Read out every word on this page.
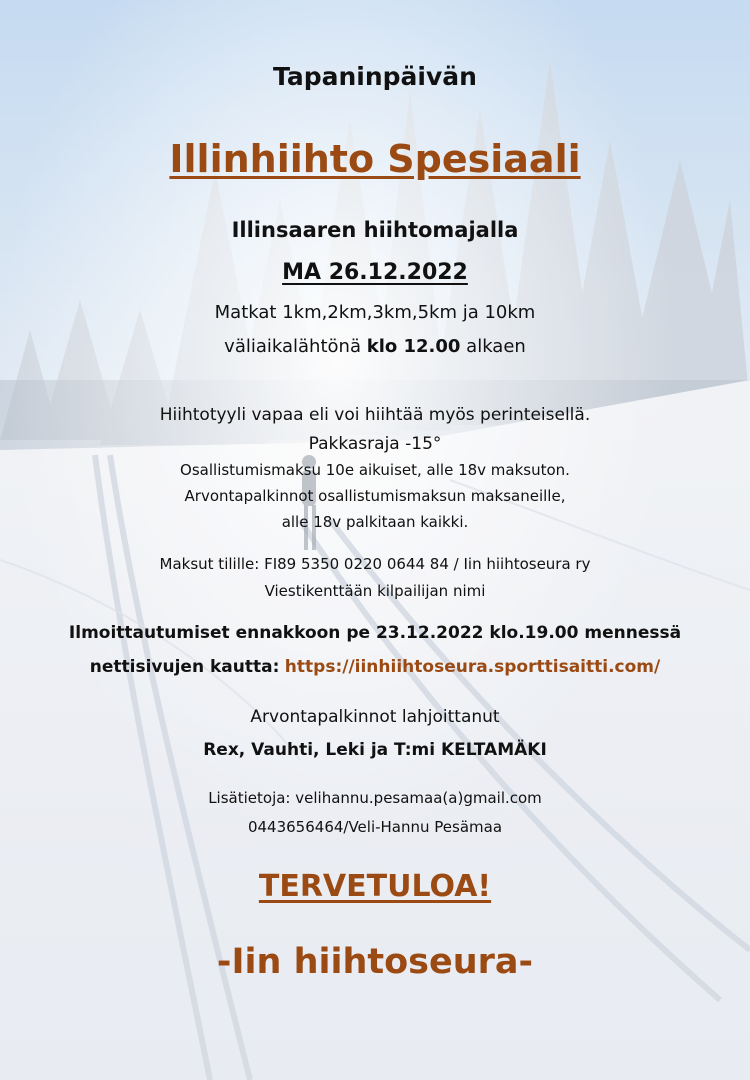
Tapaninpäivän
Illinhiihto Spesiaali
Illinsaaren hiihtomajalla
MA 26.12.2022
Matkat 1km,2km,3km,5km ja 10km
väliaikalähtönä klo 12.00 alkaen
Hiihtotyyli vapaa eli voi hiihtää myös perinteisellä.
Pakkasraja -15°
Osallistumismaksu 10e aikuiset, alle 18v maksuton.
Arvontapalkinnot osallistumismaksun maksaneille,
alle 18v palkitaan kaikki.
Maksut tilille: FI89 5350 0220 0644 84 / Iin hiihtoseura ry
Viestikenttään kilpailijan nimi
Ilmoittautumiset ennakkoon pe 23.12.2022 klo.19.00 mennessä
nettisivujen kautta: https://iinhiihtoseura.sporttisaitti.com/
Arvontapalkinnot lahjoittanut
Rex, Vauhti, Leki ja T:mi KELTAMÄKI
Lisätietoja: velihannu.pesamaa(a)gmail.com
0443656464/Veli-Hannu Pesämaa
TERVETULOA!
-Iin hiihtoseura-
